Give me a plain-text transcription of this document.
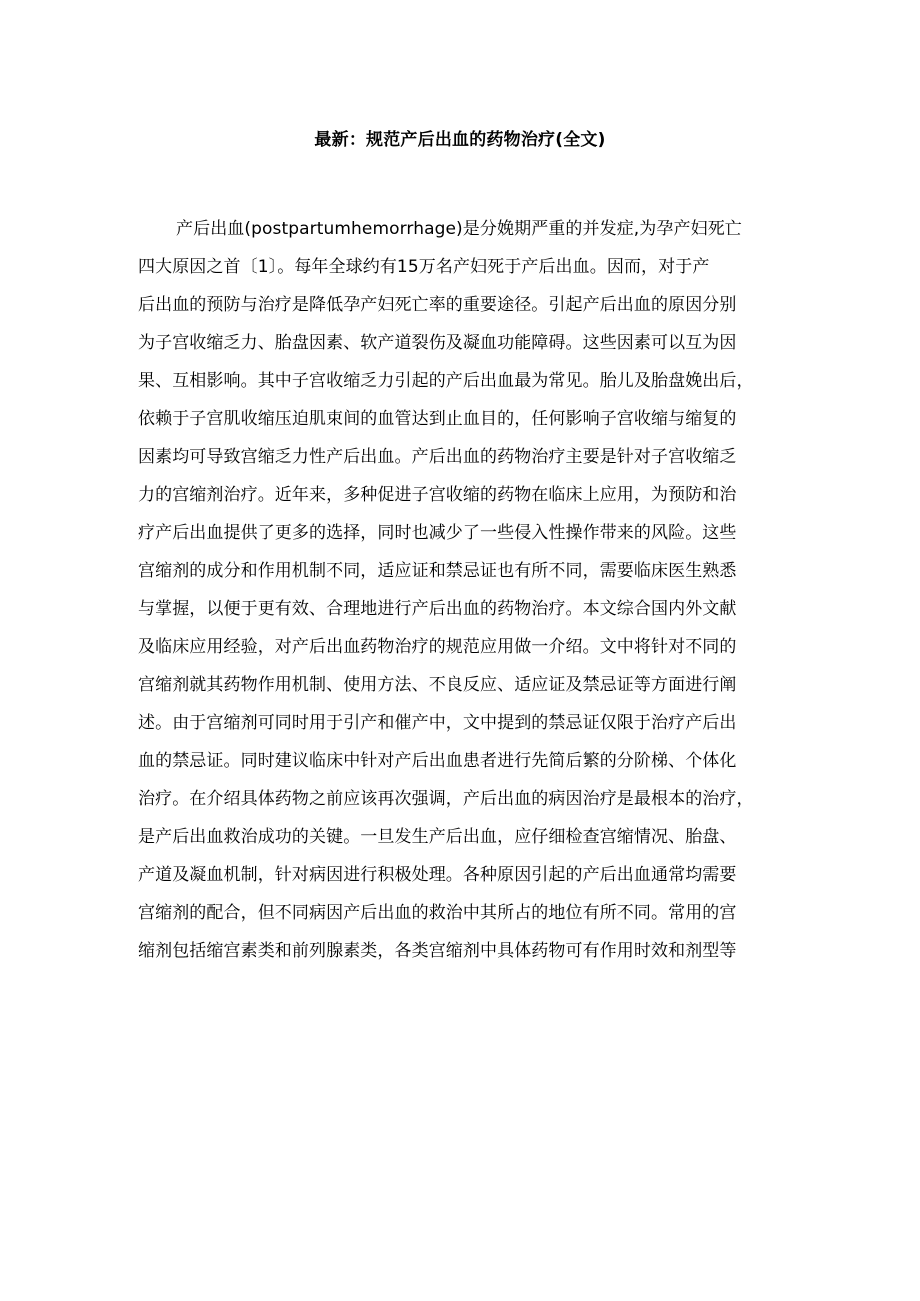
最新：规范产后出血的药物治疗(全文)
产后出血(postpartumhemorrhage)是分娩期严重的并发症,为孕产妇死亡
四大原因之首〔1〕。每年全球约有15万名产妇死于产后出血。因而，对于产
后出血的预防与治疗是降低孕产妇死亡率的重要途径。引起产后出血的原因分别
为子宫收缩乏力、胎盘因素、软产道裂伤及凝血功能障碍。这些因素可以互为因
果、互相影响。其中子宫收缩乏力引起的产后出血最为常见。胎儿及胎盘娩出后，
依赖于子宫肌收缩压迫肌束间的血管达到止血目的，任何影响子宫收缩与缩复的
因素均可导致宫缩乏力性产后出血。产后出血的药物治疗主要是针对子宫收缩乏
力的宫缩剂治疗。近年来，多种促进子宫收缩的药物在临床上应用，为预防和治
疗产后出血提供了更多的选择，同时也减少了一些侵入性操作带来的风险。这些
宫缩剂的成分和作用机制不同，适应证和禁忌证也有所不同，需要临床医生熟悉
与掌握，以便于更有效、合理地进行产后出血的药物治疗。本文综合国内外文献
及临床应用经验，对产后出血药物治疗的规范应用做一介绍。文中将针对不同的
宫缩剂就其药物作用机制、使用方法、不良反应、适应证及禁忌证等方面进行阐
述。由于宫缩剂可同时用于引产和催产中，文中提到的禁忌证仅限于治疗产后出
血的禁忌证。同时建议临床中针对产后出血患者进行先简后繁的分阶梯、个体化
治疗。在介绍具体药物之前应该再次强调，产后出血的病因治疗是最根本的治疗，
是产后出血救治成功的关键。一旦发生产后出血，应仔细检查宫缩情况、胎盘、
产道及凝血机制，针对病因进行积极处理。各种原因引起的产后出血通常均需要
宫缩剂的配合，但不同病因产后出血的救治中其所占的地位有所不同。常用的宫
缩剂包括缩宫素类和前列腺素类，各类宫缩剂中具体药物可有作用时效和剂型等
